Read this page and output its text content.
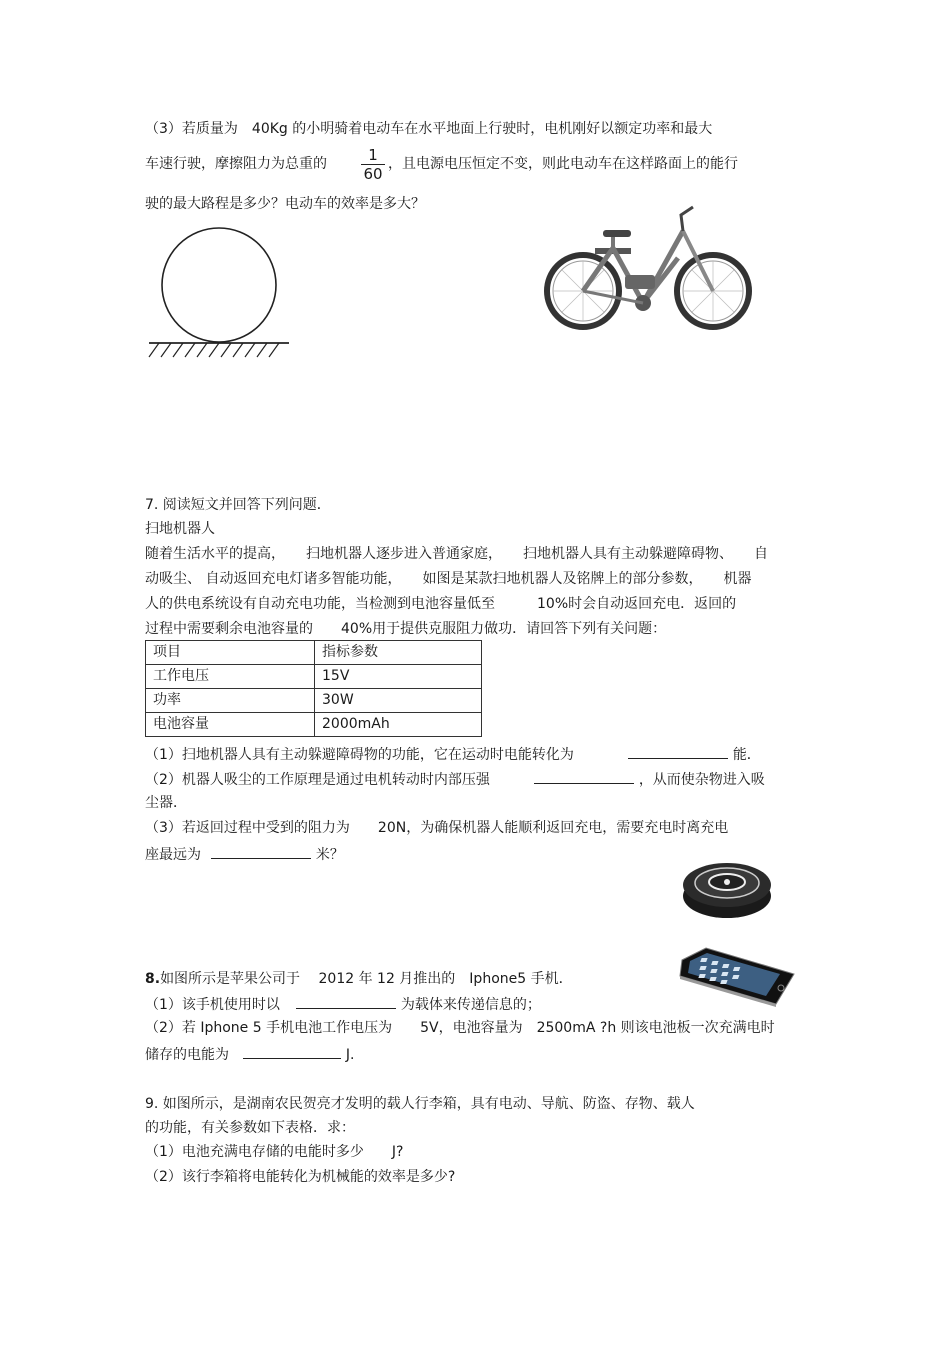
（3）若质量为　40Kg 的小明骑着电动车在水平地面上行驶时，电机刚好以额定功率和最大
车速行驶，摩擦阻力为总重的	1
60
，且电源电压恒定不变，则此电动车在这样路面上的能行
驶的最大路程是多少？电动车的效率是多大？
7. 阅读短文并回答下列问题．
扫地机器人
随着生活水平的提高，　　扫地机器人逐步进入普通家庭，　　扫地机器人具有主动躲避障碍物、　　自
动吸尘、 自动返回充电灯诸多智能功能，　　如图是某款扫地机器人及铭牌上的部分参数，　　机器
人的供电系统设有自动充电功能，当检测到电池容量低至　　　10%时会自动返回充电．返回的
过程中需要剩余电池容量的　　40%用于提供克服阻力做功．请回答下列有关问题：
项目	指标参数
工作电压	15V
功率	30W
电池容量	2000mAh
（1）扫地机器人具有主动躲避障碍物的功能，它在运动时电能转化为	能．
（2）机器人吸尘的工作原理是通过电机转动时内部压强	，从而使杂物进入吸
尘器．
（3）若返回过程中受到的阻力为　　20N，为确保机器人能顺利返回充电，需要充电时离充电
座最远为	米？
8.如图所示是苹果公司于　 2012 年 12 月推出的　Iphone5 手机．
（1）该手机使用时以	为载体来传递信息的；
（2）若 Iphone 5 手机电池工作电压为　　5V，电池容量为　2500mA ?h 则该电池板一次充满电时
储存的电能为	J.
9. 如图所示，是湖南农民贺亮才发明的载人行李箱，具有电动、导航、防盗、存物、载人
的功能，有关参数如下表格．求：
（1）电池充满电存储的电能时多少　　J?
（2）该行李箱将电能转化为机械能的效率是多少?
